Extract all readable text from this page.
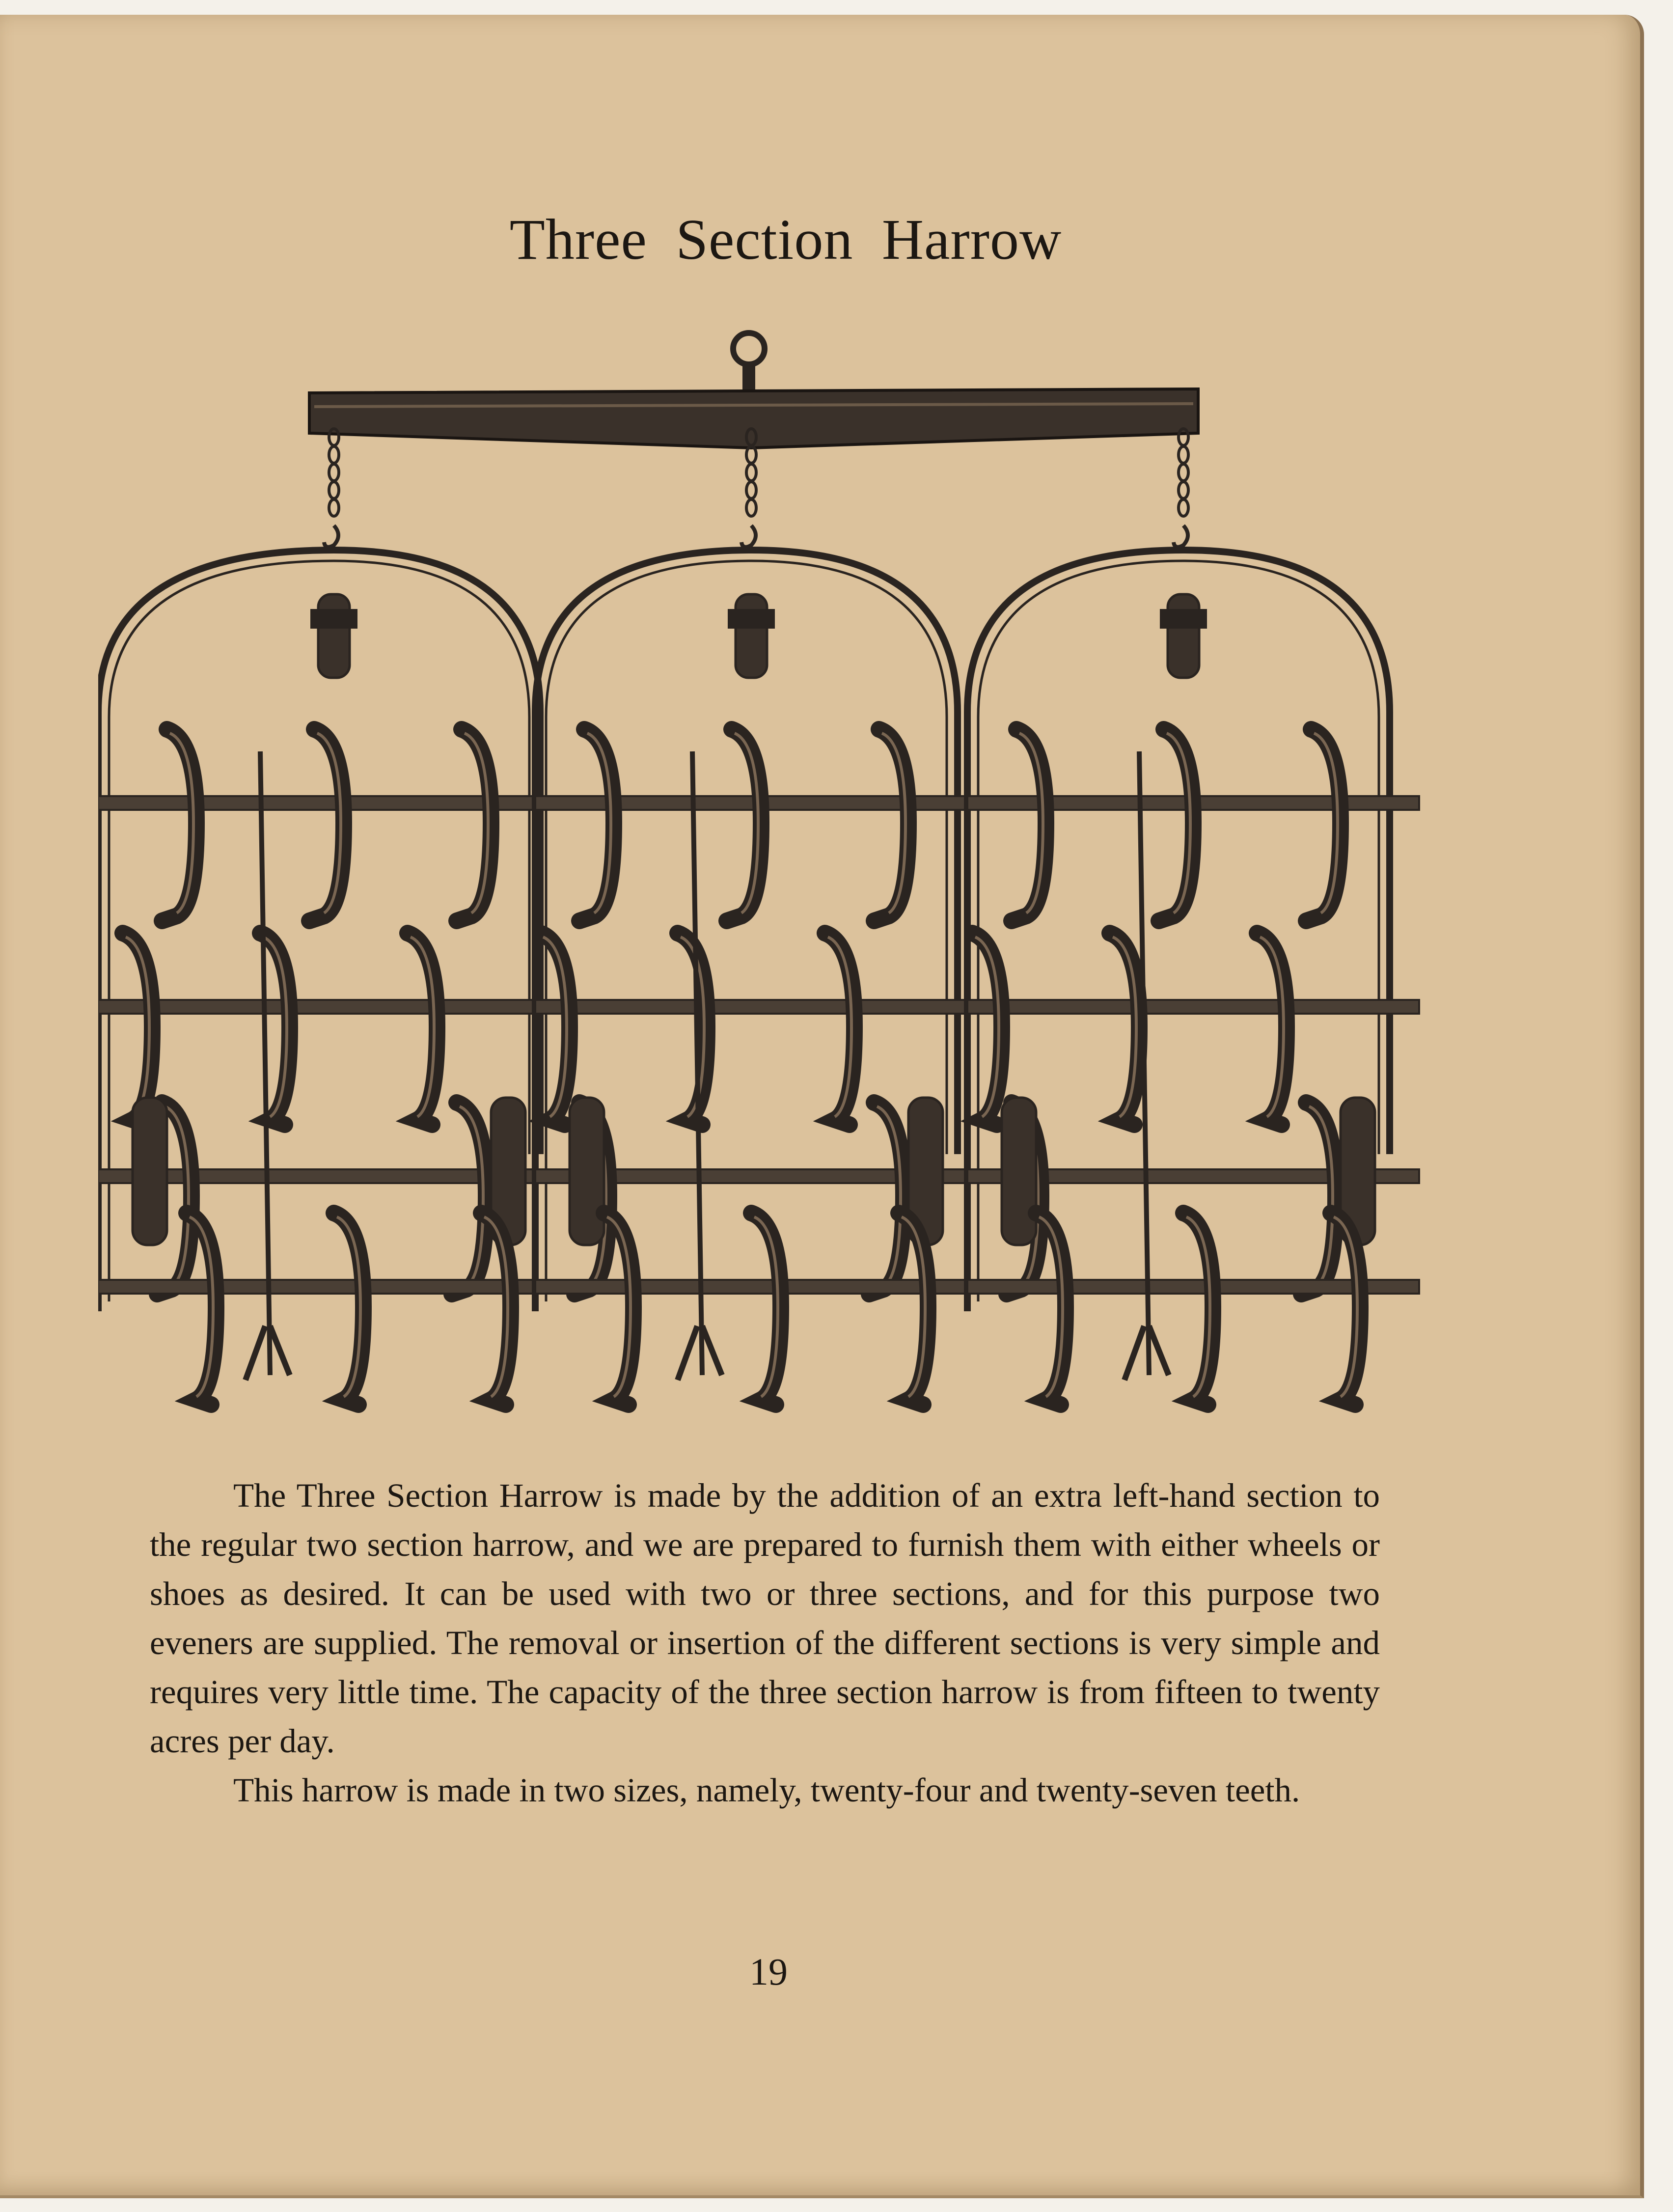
Three Section Harrow

The Three Section Harrow is made by the addition of an extra left-hand section to the regular two section harrow, and we are prepared to furnish them with either wheels or shoes as desired. It can be used with two or three sections, and for this purpose two eveners are supplied. The removal or insertion of the different sections is very simple and requires very little time. The capacity of the three section harrow is from fifteen to twenty acres per day.

This harrow is made in two sizes, namely, twenty-four and twenty-seven teeth.

19
